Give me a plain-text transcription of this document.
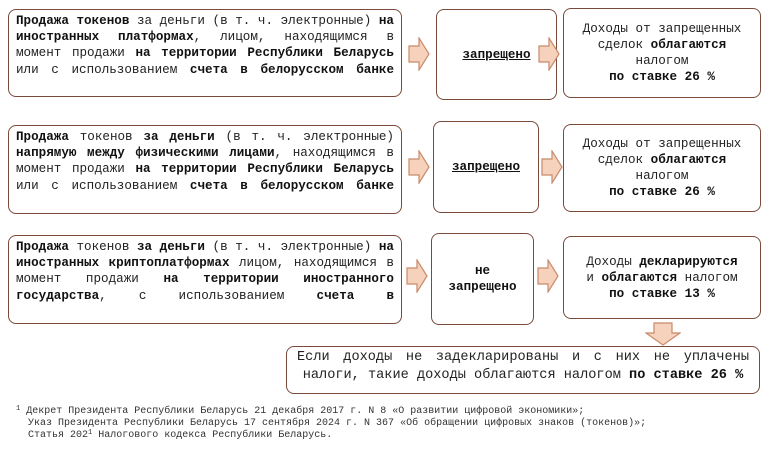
Продажа токенов за деньги (в т. ч. электронные) на иностранных платформах, лицом, находящимся в момент продажи на территории Республики Беларусь или с использованием счета в белорусском банке
запрещено
Доходы от запрещенных
сделок облагаются
налогом
по ставке 26 %
Продажа токенов за деньги (в т. ч. электронные) напрямую между физическими лицами, находящимся в момент продажи на территории Республики Беларусь или с использованием счета в белорусском банке
запрещено
Доходы от запрещенных
сделок облагаются
налогом
по ставке 26 %
Продажа токенов за деньги (в т. ч. электронные) на иностранных криптоплатформах лицом, находящимся в момент продажи на территории иностранного государства, с использованием счета в
не
запрещено
Доходы декларируются
и облагаются налогом
по ставке 13 %
Если доходы не задекларированы и с них не уплачены налоги, такие доходы облагаются налогом по ставке 26 %
$^1$ Декрет Президента Республики Беларусь 21 декабря 2017 г. N 8 «О развитии цифровой экономики»;
Указ Президента Республики Беларусь 17 сентября 2024 г. N 367 «Об обращении цифровых знаков (токенов)»;
Статья $202^1$ Налогового кодекса Республики Беларусь.
